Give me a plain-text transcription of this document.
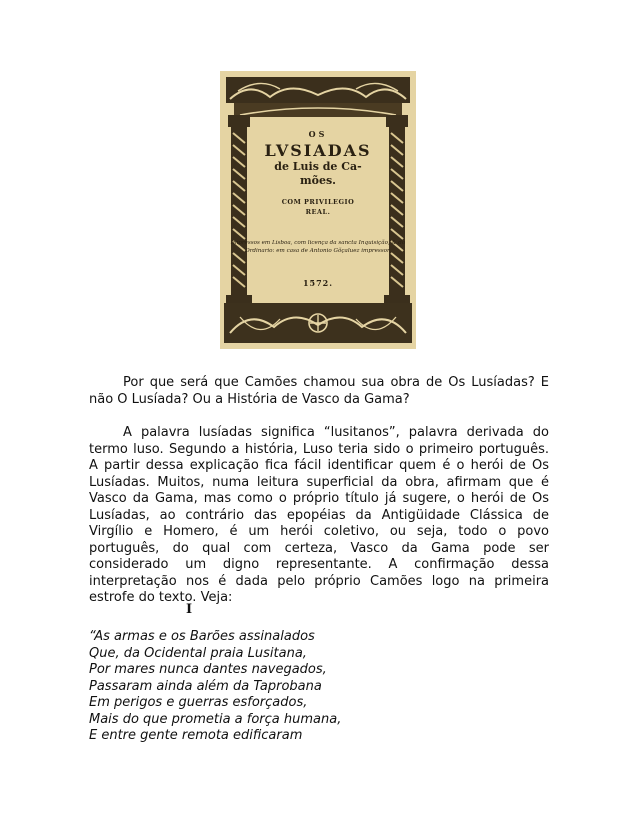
OS
LVSIADAS
de Luis de Ca-
mões.
COM PRIVILEGIO
REAL.
Impressos em Lisboa, com licença da sancta Inquisição, & do Ordinario: em casa de Antonio Gõçaluez impressor.
1572.

Por que será que Camões chamou sua obra de Os Lusíadas? E não O Lusíada? Ou a História de Vasco da Gama?

A palavra lusíadas significa “lusitanos”, palavra derivada do termo luso. Segundo a história, Luso teria sido o primeiro português. A partir dessa explicação fica fácil identificar quem é o herói de Os Lusíadas. Muitos, numa leitura superficial da obra, afirmam que é Vasco da Gama, mas como o próprio título já sugere, o herói de Os Lusíadas, ao contrário das epopéias da Antigüidade Clássica de Virgílio e Homero, é um herói coletivo, ou seja, todo o povo português, do qual com certeza, Vasco da Gama pode ser considerado um digno representante. A confirmação dessa interpretação nos é dada pelo próprio Camões logo na primeira estrofe do texto. Veja:

I

“As armas e os Barões assinalados
Que, da Ocidental praia Lusitana,
Por mares nunca dantes navegados,
Passaram ainda além da Taprobana
Em perigos e guerras esforçados,
Mais do que prometia a força humana,
E entre gente remota edificaram
